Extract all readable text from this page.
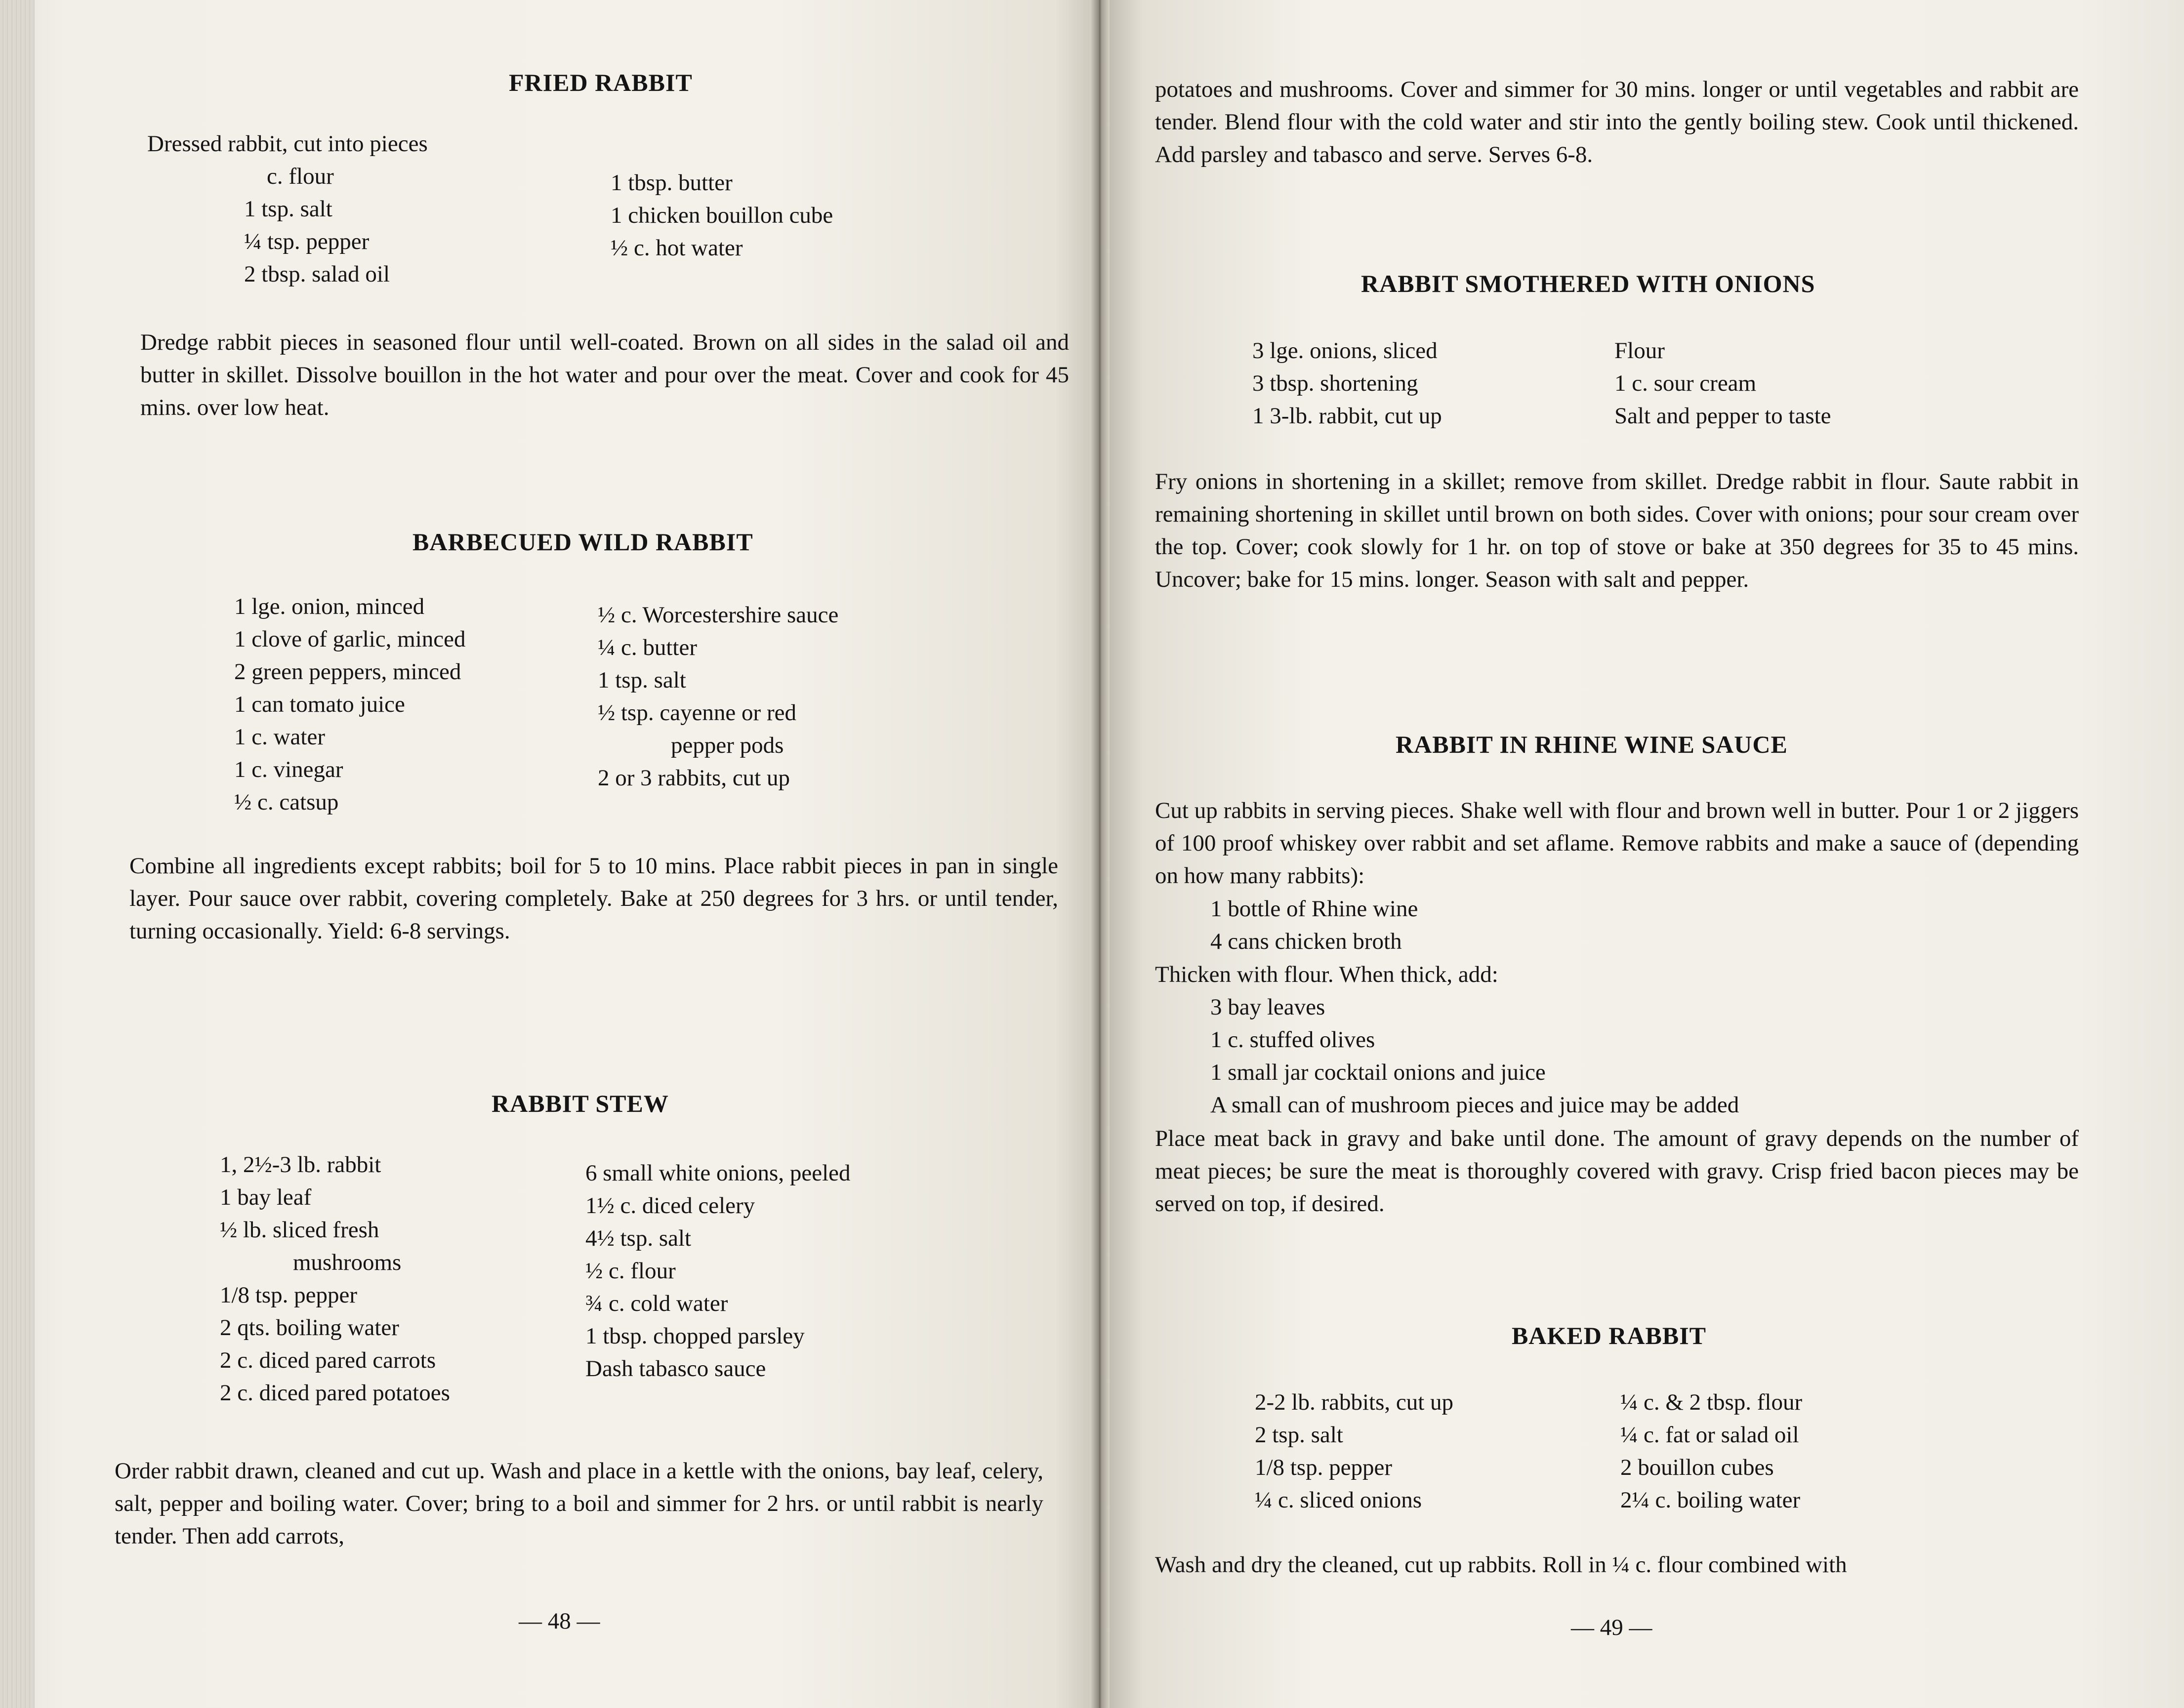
FRIED RABBIT
Dressed rabbit, cut into pieces
c. flour
1 tsp. salt
¼ tsp. pepper
2 tbsp. salad oil
1 tbsp. butter
1 chicken bouillon cube
½ c. hot water

Dredge rabbit pieces in seasoned flour until well-coated. Brown on all sides in the salad oil and butter in skillet. Dissolve bouillon in the hot water and pour over the meat. Cover and cook for 45 mins. over low heat.

BARBECUED WILD RABBIT
1 lge. onion, minced
1 clove of garlic, minced
2 green peppers, minced
1 can tomato juice
1 c. water
1 c. vinegar
½ c. catsup
½ c. Worcestershire sauce
¼ c. butter
1 tsp. salt
½ tsp. cayenne or red
pepper pods
2 or 3 rabbits, cut up

Combine all ingredients except rabbits; boil for 5 to 10 mins. Place rabbit pieces in pan in single layer. Pour sauce over rabbit, covering completely. Bake at 250 degrees for 3 hrs. or until tender, turning occasionally. Yield: 6-8 servings.

RABBIT STEW
1, 2½-3 lb. rabbit
1 bay leaf
½ lb. sliced fresh
mushrooms
1/8 tsp. pepper
2 qts. boiling water
2 c. diced pared carrots
2 c. diced pared potatoes
6 small white onions, peeled
1½ c. diced celery
4½ tsp. salt
½ c. flour
¾ c. cold water
1 tbsp. chopped parsley
Dash tabasco sauce

Order rabbit drawn, cleaned and cut up. Wash and place in a kettle with the onions, bay leaf, celery, salt, pepper and boiling water. Cover; bring to a boil and simmer for 2 hrs. or until rabbit is nearly tender. Then add carrots,

— 48 —

potatoes and mushrooms. Cover and simmer for 30 mins. longer or until vegetables and rabbit are tender. Blend flour with the cold water and stir into the gently boiling stew. Cook until thickened. Add parsley and tabasco and serve. Serves 6-8.

RABBIT SMOTHERED WITH ONIONS
3 lge. onions, sliced
3 tbsp. shortening
1 3-lb. rabbit, cut up
Flour
1 c. sour cream
Salt and pepper to taste

Fry onions in shortening in a skillet; remove from skillet. Dredge rabbit in flour. Saute rabbit in remaining shortening in skillet until brown on both sides. Cover with onions; pour sour cream over the top. Cover; cook slowly for 1 hr. on top of stove or bake at 350 degrees for 35 to 45 mins. Uncover; bake for 15 mins. longer. Season with salt and pepper.

RABBIT IN RHINE WINE SAUCE

Cut up rabbits in serving pieces. Shake well with flour and brown well in butter. Pour 1 or 2 jiggers of 100 proof whiskey over rabbit and set aflame. Remove rabbits and make a sauce of (depending on how many rabbits):

1 bottle of Rhine wine
4 cans chicken broth
Thicken with flour. When thick, add:
3 bay leaves
1 c. stuffed olives
1 small jar cocktail onions and juice
A small can of mushroom pieces and juice may be added

Place meat back in gravy and bake until done. The amount of gravy depends on the number of meat pieces; be sure the meat is thoroughly covered with gravy. Crisp fried bacon pieces may be served on top, if desired.

BAKED RABBIT
2-2 lb. rabbits, cut up
2 tsp. salt
1/8 tsp. pepper
¼ c. sliced onions
¼ c. & 2 tbsp. flour
¼ c. fat or salad oil
2 bouillon cubes
2¼ c. boiling water

Wash and dry the cleaned, cut up rabbits. Roll in ¼ c. flour combined with

— 49 —
